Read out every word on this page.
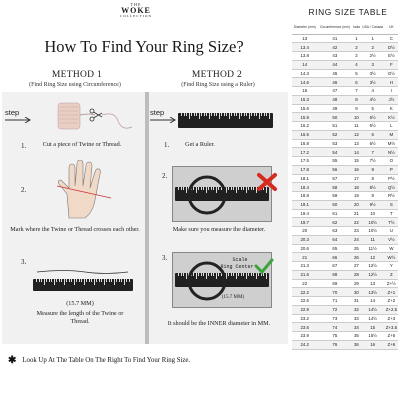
THE
WOKE
COLLECTION
How To Find Your Ring Size?
METHOD 1
(Find Ring Size using Circumference)
METHOD 2
(Find Ring Size using a Ruler)
step
1.	Cut a piece of Twine or Thread.
2.
Mark where the Twine or Thread crosses each other.
3.
(15.7 MM)
Measure the length of the Twine or Thread.
step
1.	Get a Ruler.
2.
Make sure you measure the diameter.
3.	Scale
Ring Center
(15.7 MM)
It should be the INNER diameter in MM.
✱ Look Up At The Table On The Right To Find Your Ring Size.
RING SIZE TABLE
Diameter (mm)	Circumference (mm)	India	USA / Canada	UK
13	41	1	1	C
13.4	42	2	2	D½
13.8	43	2	2½	E½
14	44	4	3	F
14.3	45	5	3½	G½
14.6	46	6	3½	H
15	47	7	4	I
15.3	48	8	4½	J½
15.6	49	9	5	K
15.9	50	10	5½	K½
16.2	51	11	5½	L
16.5	52	12	6	M
16.8	53	13	6½	M½
17.2	54	14	7	N½
17.5	55	15	7½	O
17.8	56	16	8	P
18.1	57	17	8	P½
18.4	58	18	8½	Q½
18.8	59	19	9	R½
19.1	60	20	9½	S
19.4	61	21	10	T
19.7	62	22	10½	T½
20	63	23	10½	U
20.3	64	24	11	V½
20.6	65	25	11½	W
21	66	26	12	W½
21.3	67	27	12½	Y
21.6	68	28	12½	Z
22	69	29	13	Z+½
22.2	70	30	13½	Z+1
22.6	71	31	14	Z+2
22.9	72	32	14½	Z+2.5
23.2	73	33	14½	Z+3
23.6	74	34	15	Z+3.5
23.9	75	35	15½	Z+5
24.2	76	36	16	Z+6
